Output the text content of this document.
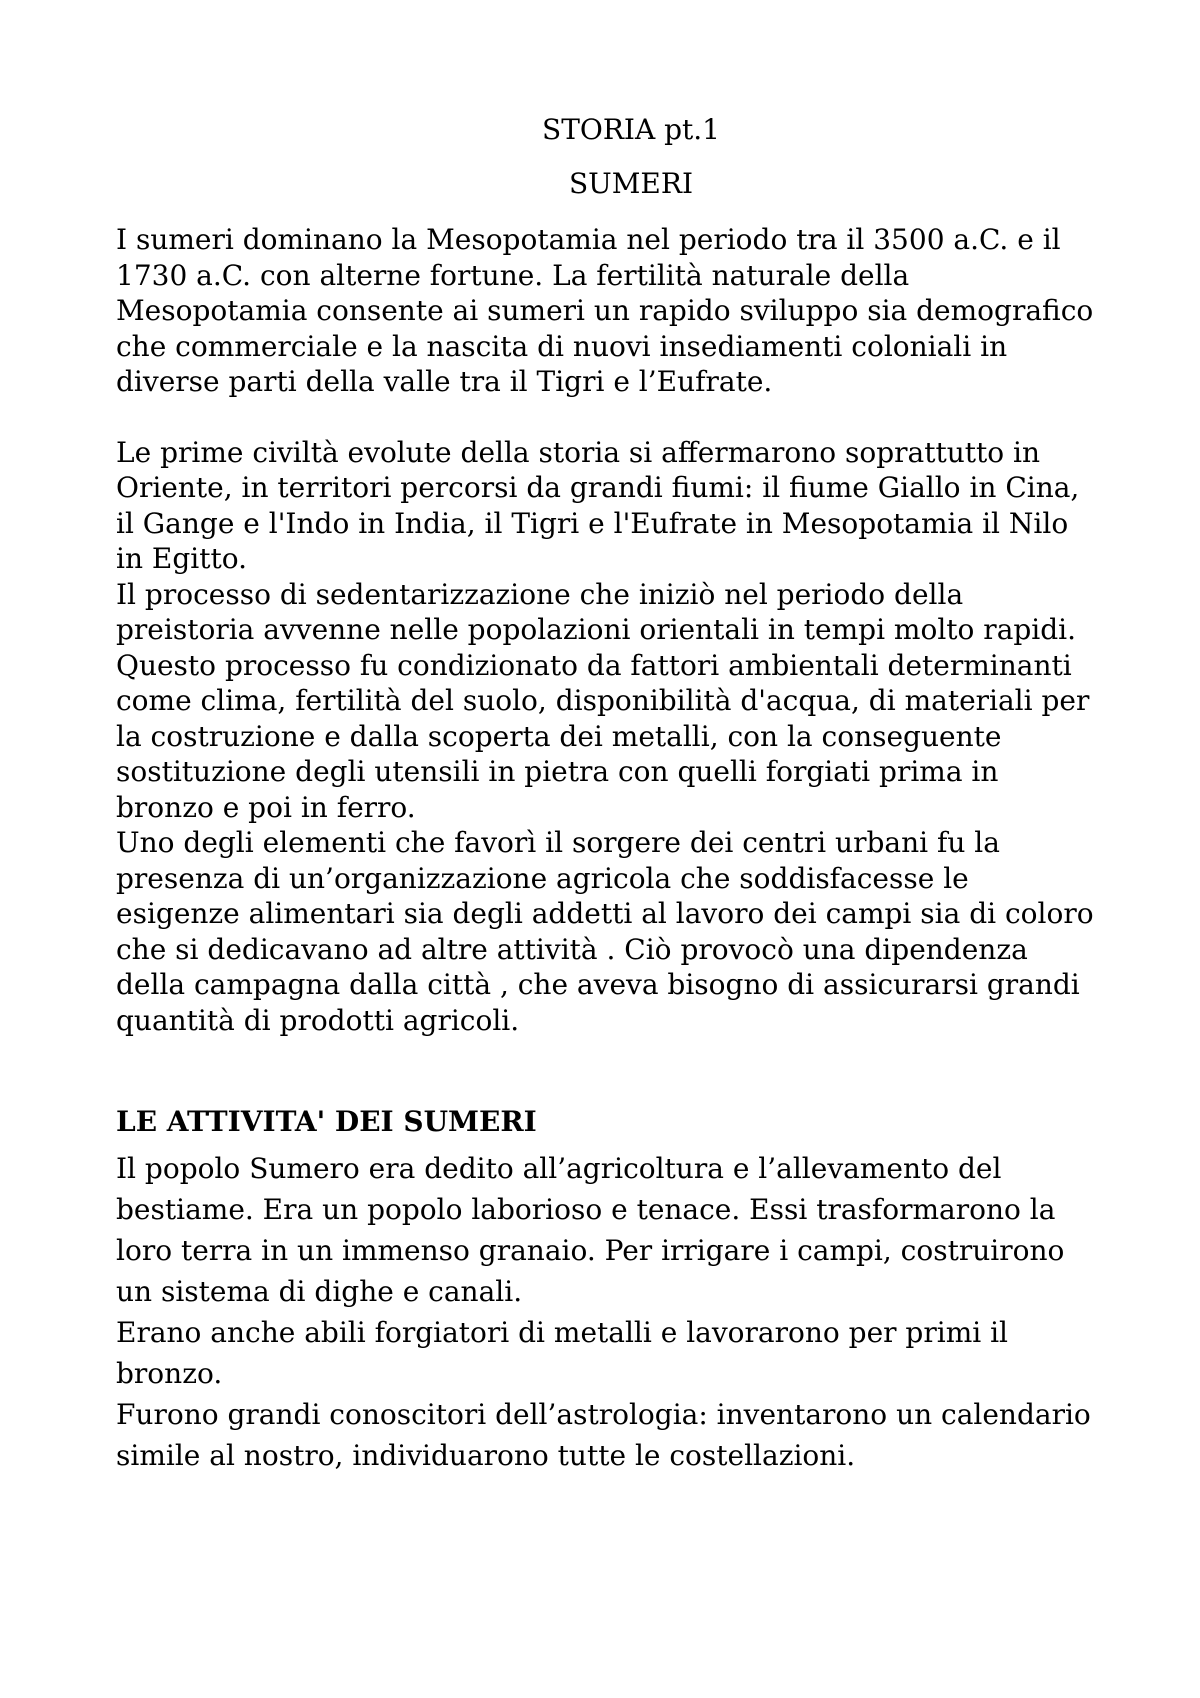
STORIA pt.1

SUMERI

I sumeri dominano la Mesopotamia nel periodo tra il 3500 a.C. e il 1730 a.C. con alterne fortune. La fertilità naturale della Mesopotamia consente ai sumeri un rapido sviluppo sia demografico che commerciale e la nascita di nuovi insediamenti coloniali in diverse parti della valle tra il Tigri e l’Eufrate.

Le prime civiltà evolute della storia si affermarono soprattutto in Oriente, in territori percorsi da grandi fiumi: il fiume Giallo in Cina, il Gange e l'Indo in India, il Tigri e l'Eufrate in Mesopotamia il Nilo in Egitto.

Il processo di sedentarizzazione che iniziò nel periodo della preistoria avvenne nelle popolazioni orientali in tempi molto rapidi.

Questo processo fu condizionato da fattori ambientali determinanti come clima, fertilità del suolo, disponibilità d'acqua, di materiali per la costruzione e dalla scoperta dei metalli, con la conseguente sostituzione degli utensili in pietra con quelli forgiati prima in bronzo e poi in ferro.

Uno degli elementi che favorì il sorgere dei centri urbani fu la presenza di un’organizzazione agricola che soddisfacesse le esigenze alimentari sia degli addetti al lavoro dei campi sia di coloro che si dedicavano ad altre attività . Ciò provocò una dipendenza della campagna dalla città , che aveva bisogno di assicurarsi grandi quantità di prodotti agricoli.

LE ATTIVITA' DEI SUMERI

Il popolo Sumero era dedito all’agricoltura e l’allevamento del bestiame. Era un popolo laborioso e tenace. Essi trasformarono la loro terra in un immenso granaio. Per irrigare i campi, costruirono un sistema di dighe e canali.

Erano anche abili forgiatori di metalli e lavorarono per primi il bronzo.

Furono grandi conoscitori dell’astrologia: inventarono un calendario simile al nostro, individuarono tutte le costellazioni.
